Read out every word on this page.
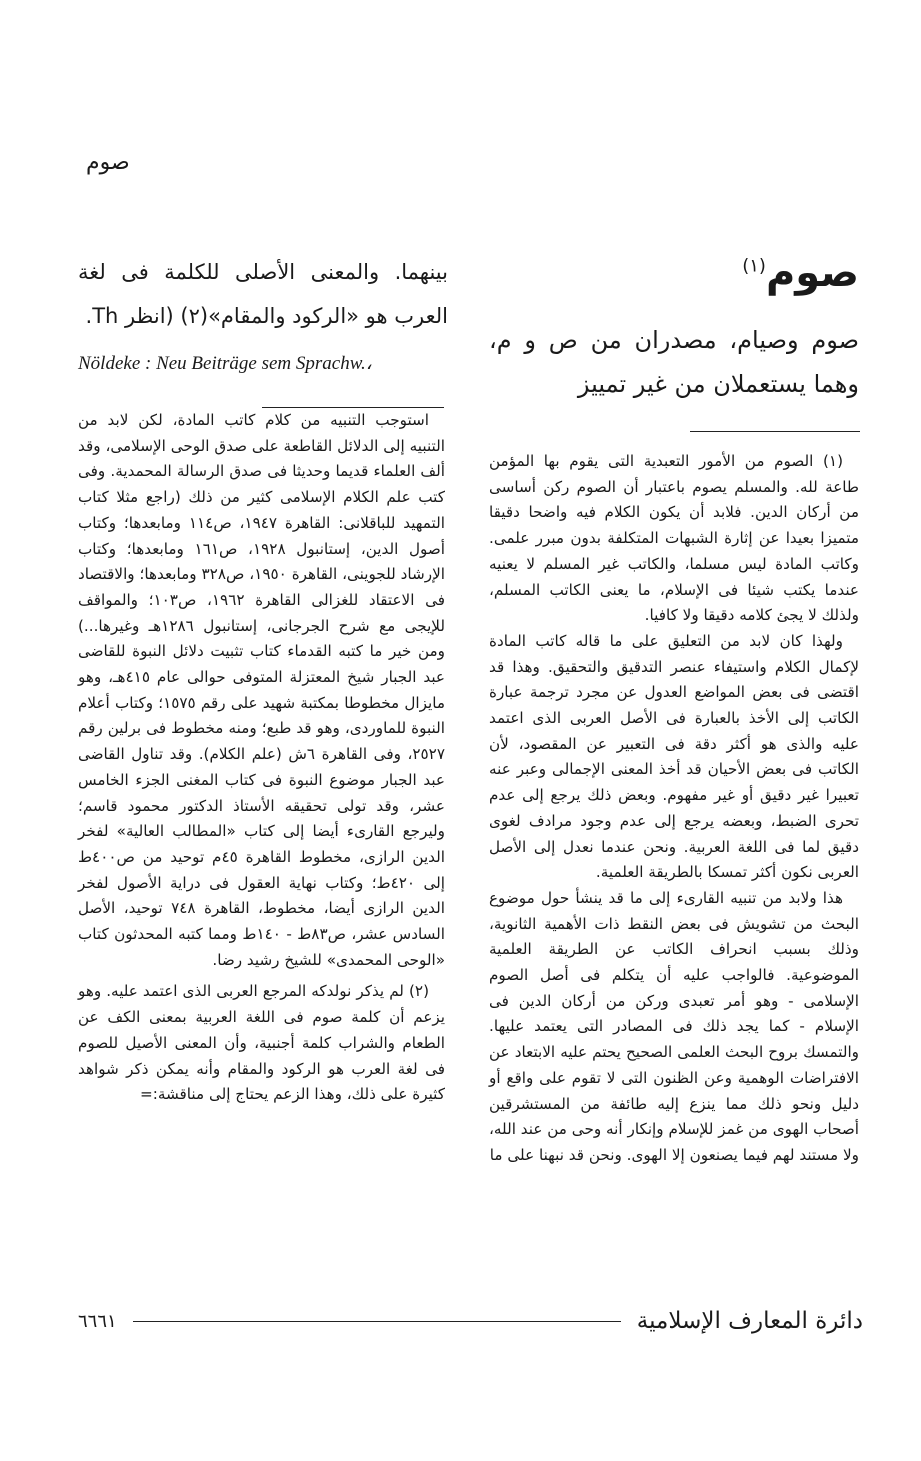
صوم
صوم$^{(١)}$
صوم وصيام، مصدران من ص و م، وهما يستعملان من غير تمييز
بينهما. والمعنى الأصلى للكلمة فى لغة العرب هو «الركود والمقام»(٢) (انظر Th.
Nöldeke : Neu Beiträge sem Sprachw.،

(١) الصوم من الأمور التعبدية التى يقوم بها المؤمن طاعة لله. والمسلم يصوم باعتبار أن الصوم ركن أساسى من أركان الدين. فلابد أن يكون الكلام فيه واضحا دقيقا متميزا بعيدا عن إثارة الشبهات المتكلفة بدون مبرر علمى. وكاتب المادة ليس مسلما، والكاتب غير المسلم لا يعنيه عندما يكتب شيئا فى الإسلام، ما يعنى الكاتب المسلم، ولذلك لا يجئ كلامه دقيقا ولا كافيا.

ولهذا كان لابد من التعليق على ما قاله كاتب المادة لإكمال الكلام واستيفاء عنصر التدقيق والتحقيق. وهذا قد اقتضى فى بعض المواضع العدول عن مجرد ترجمة عبارة الكاتب إلى الأخذ بالعبارة فى الأصل العربى الذى اعتمد عليه والذى هو أكثر دقة فى التعبير عن المقصود، لأن الكاتب فى بعض الأحيان قد أخذ المعنى الإجمالى وعبر عنه تعبيرا غير دقيق أو غير مفهوم. وبعض ذلك يرجع إلى عدم تحرى الضبط، وبعضه يرجع إلى عدم وجود مرادف لغوى دقيق لما فى اللغة العربية. ونحن عندما نعدل إلى الأصل العربى نكون أكثر تمسكا بالطريقة العلمية.

هذا ولابد من تنبيه القارىء إلى ما قد ينشأ حول موضوع البحث من تشويش فى بعض النقط ذات الأهمية الثانوية، وذلك بسبب انحراف الكاتب عن الطريقة العلمية الموضوعية. فالواجب عليه أن يتكلم فى أصل الصوم الإسلامى - وهو أمر تعبدى وركن من أركان الدين فى الإسلام - كما يجد ذلك فى المصادر التى يعتمد عليها. والتمسك بروح البحث العلمى الصحيح يحتم عليه الابتعاد عن الافتراضات الوهمية وعن الظنون التى لا تقوم على واقع أو دليل ونحو ذلك مما ينزع إليه طائفة من المستشرقين أصحاب الهوى من غمز للإسلام وإنكار أنه وحى من عند الله، ولا مستند لهم فيما يصنعون إلا الهوى. ونحن قد نبهنا على ما

استوجب التنبيه من كلام كاتب المادة، لكن لابد من التنبيه إلى الدلائل القاطعة على صدق الوحى الإسلامى، وقد ألف العلماء قديما وحديثا فى صدق الرسالة المحمدية. وفى كتب علم الكلام الإسلامى كثير من ذلك (راجع مثلا كتاب التمهيد للباقلانى: القاهرة ١٩٤٧، ص١١٤ ومابعدها؛ وكتاب أصول الدين، إستانبول ١٩٢٨، ص١٦١ ومابعدها؛ وكتاب الإرشاد للجوينى، القاهرة ١٩٥٠، ص٣٢٨ ومابعدها؛ والاقتصاد فى الاعتقاد للغزالى القاهرة ١٩٦٢، ص١٠٣؛ والمواقف للإيجى مع شرح الجرجانى، إستانبول ١٢٨٦هـ وغيرها...) ومن خير ما كتبه القدماء كتاب تثبيت دلائل النبوة للقاضى عبد الجبار شيخ المعتزلة المتوفى حوالى عام ٤١٥هـ، وهو مايزال مخطوطا بمكتبة شهيد على رقم ١٥٧٥؛ وكتاب أعلام النبوة للماوردى، وهو قد طبع؛ ومنه مخطوط فى برلين رقم ٢٥٢٧، وفى القاهرة ٦ش (علم الكلام). وقد تناول القاضى عبد الجبار موضوع النبوة فى كتاب المغنى الجزء الخامس عشر، وقد تولى تحقيقه الأستاذ الدكتور محمود قاسم؛ وليرجع القارىء أيضا إلى كتاب «المطالب العالية» لفخر الدين الرازى، مخطوط القاهرة ٤٥م توحيد من ص٤٠٠ط إلى ٤٢٠ط؛ وكتاب نهاية العقول فى دراية الأصول لفخر الدين الرازى أيضا، مخطوط، القاهرة ٧٤٨ توحيد، الأصل السادس عشر، ص٨٣ط - ١٤٠ط ومما كتبه المحدثون كتاب «الوحى المحمدى» للشيخ رشيد رضا.

(٢) لم يذكر نولدكه المرجع العربى الذى اعتمد عليه. وهو يزعم أن كلمة صوم فى اللغة العربية بمعنى الكف عن الطعام والشراب كلمة أجنبية، وأن المعنى الأصيل للصوم فى لغة العرب هو الركود والمقام وأنه يمكن ذكر شواهد كثيرة على ذلك، وهذا الزعم يحتاج إلى مناقشة:=

٦٦٦١	دائرة المعارف الإسلامية
